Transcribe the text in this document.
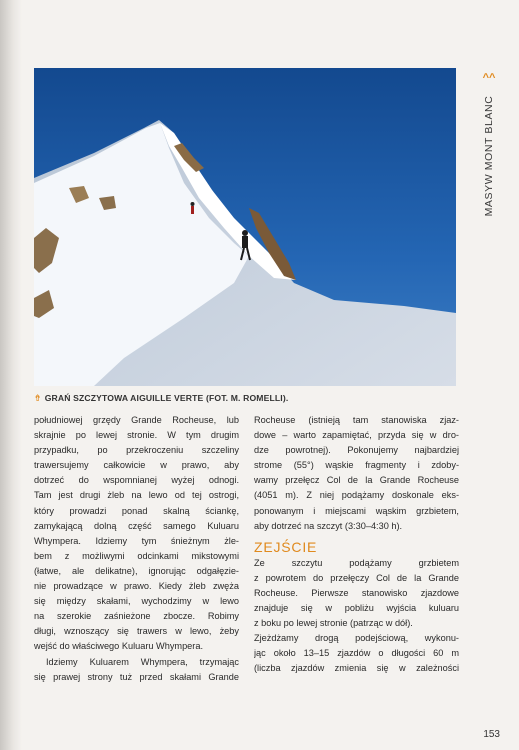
^^
MASYW MONT BLANC
⇮ GRAŃ SZCZYTOWA AIGUILLE VERTE (FOT. M. ROMELLI).
południowej grzędy Grande Rocheuse, lub
skrajnie po lewej stronie. W tym drugim
przypadku, po przekroczeniu szczeliny
trawersujemy całkowicie w prawo, aby
dotrzeć do wspomnianej wyżej odnogi.
Tam jest drugi żleb na lewo od tej ostrogi,
który prowadzi ponad skalną ściankę,
zamykającą dolną część samego Kuluaru
Whympera. Idziemy tym śnieżnym żle-
bem z możliwymi odcinkami mikstowymi
(łatwe, ale delikatne), ignorując odgałęzie-
nie prowadzące w prawo. Kiedy żleb zwęża
się między skałami, wychodzimy w lewo
na szerokie zaśnieżone zbocze. Robimy
długi, wznoszący się trawers w lewo, żeby
wejść do właściwego Kuluaru Whympera.
Idziemy Kuluarem Whympera, trzymając
się prawej strony tuż przed skałami Grande
Rocheuse (istnieją tam stanowiska zjaz-
dowe – warto zapamiętać, przyda się w dro-
dze powrotnej). Pokonujemy najbardziej
strome (55°) wąskie fragmenty i zdoby-
wamy przełęcz Col de la Grande Rocheuse
(4051 m). Z niej podążamy doskonale eks-
ponowanym i miejscami wąskim grzbietem,
aby dotrzeć na szczyt (3:30–4:30 h).
ZEJŚCIE
Ze szczytu podążamy grzbietem
z powrotem do przełęczy Col de la Grande
Rocheuse. Pierwsze stanowisko zjazdowe
znajduje się w pobliżu wyjścia kuluaru
z boku po lewej stronie (patrząc w dół).
Zjeżdżamy drogą podejściową, wykonu-
jąc około 13–15 zjazdów o długości 60 m
(liczba zjazdów zmienia się w zależności
153
